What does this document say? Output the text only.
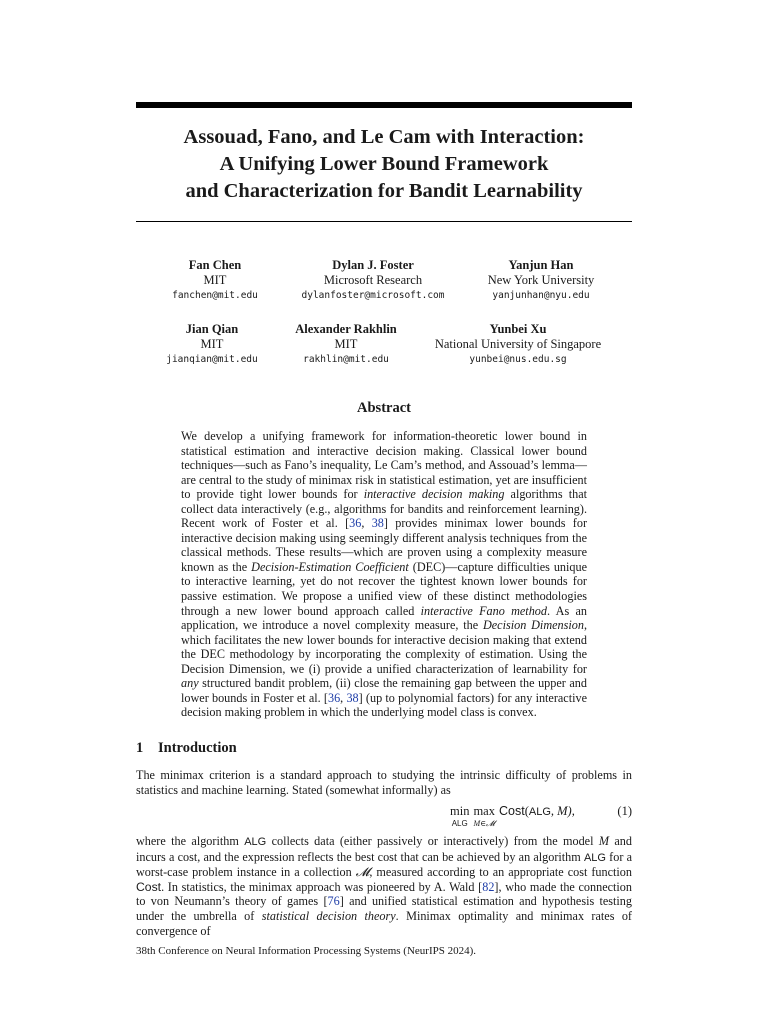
Assouad, Fano, and Le Cam with Interaction:
A Unifying Lower Bound Framework
and Characterization for Bandit Learnability
Fan Chen
MIT
fanchen@mit.edu
Dylan J. Foster
Microsoft Research
dylanfoster@microsoft.com
Yanjun Han
New York University
yanjunhan@nyu.edu
Jian Qian
MIT
jianqian@mit.edu
Alexander Rakhlin
MIT
rakhlin@mit.edu
Yunbei Xu
National University of Singapore
yunbei@nus.edu.sg
Abstract
We develop a unifying framework for information-theoretic lower bound in statistical estimation and interactive decision making. Classical lower bound techniques—such as Fano’s inequality, Le Cam’s method, and Assouad’s lemma—are central to the study of minimax risk in statistical estimation, yet are insufficient to provide tight lower bounds for interactive decision making algorithms that collect data interactively (e.g., algorithms for bandits and reinforcement learning). Recent work of Foster et al. [36, 38] provides minimax lower bounds for interactive decision making using seemingly different analysis techniques from the classical methods. These results—which are proven using a complexity measure known as the Decision-Estimation Coefficient (DEC)—capture difficulties unique to interactive learning, yet do not recover the tightest known lower bounds for passive estimation. We propose a unified view of these distinct methodologies through a new lower bound approach called interactive Fano method. As an application, we introduce a novel complexity measure, the Decision Dimension, which facilitates the new lower bounds for interactive decision making that extend the DEC methodology by incorporating the complexity of estimation. Using the Decision Dimension, we (i) provide a unified characterization of learnability for any structured bandit problem, (ii) close the remaining gap between the upper and lower bounds in Foster et al. [36, 38] (up to polynomial factors) for any interactive decision making problem in which the underlying model class is convex.
1 Introduction
The minimax criterion is a standard approach to studying the intrinsic difficulty of problems in statistics and machine learning. Stated (somewhat informally) as
min
ALG
max
M∈𝓜
Cost(ALG, M),	(1)
where the algorithm ALG collects data (either passively or interactively) from the model M and incurs a cost, and the expression reflects the best cost that can be achieved by an algorithm ALG for a worst-case problem instance in a collection 𝓜, measured according to an appropriate cost function Cost. In statistics, the minimax approach was pioneered by A. Wald [82], who made the connection to von Neumann’s theory of games [76] and unified statistical estimation and hypothesis testing under the umbrella of statistical decision theory. Minimax optimality and minimax rates of convergence of
38th Conference on Neural Information Processing Systems (NeurIPS 2024).
